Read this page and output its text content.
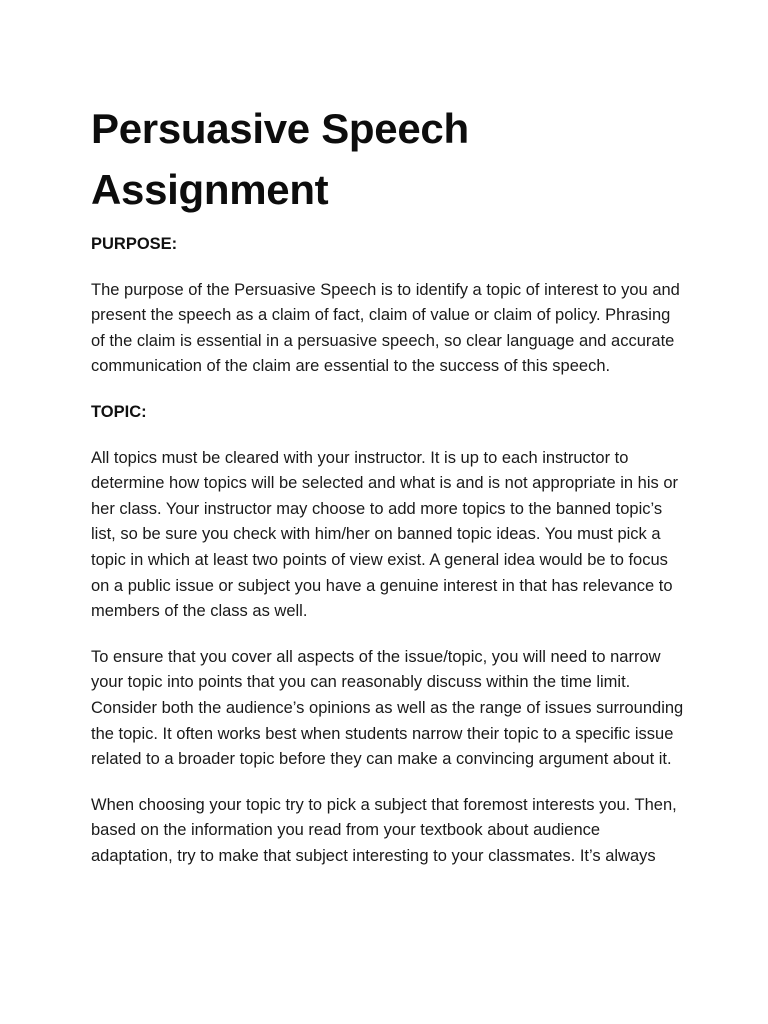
Persuasive Speech Assignment
PURPOSE:

The purpose of the Persuasive Speech is to identify a topic of interest to you and present the speech as a claim of fact, claim of value or claim of policy. Phrasing of the claim is essential in a persuasive speech, so clear language and accurate communication of the claim are essential to the success of this speech.

TOPIC:

All topics must be cleared with your instructor. It is up to each instructor to determine how topics will be selected and what is and is not appropriate in his or her class. Your instructor may choose to add more topics to the banned topic’s list, so be sure you check with him/her on banned topic ideas. You must pick a topic in which at least two points of view exist. A general idea would be to focus on a public issue or subject you have a genuine interest in that has relevance to members of the class as well.

To ensure that you cover all aspects of the issue/topic, you will need to narrow your topic into points that you can reasonably discuss within the time limit. Consider both the audience’s opinions as well as the range of issues surrounding the topic. It often works best when students narrow their topic to a specific issue related to a broader topic before they can make a convincing argument about it.

When choosing your topic try to pick a subject that foremost interests you. Then, based on the information you read from your textbook about audience adaptation, try to make that subject interesting to your classmates. It’s always
